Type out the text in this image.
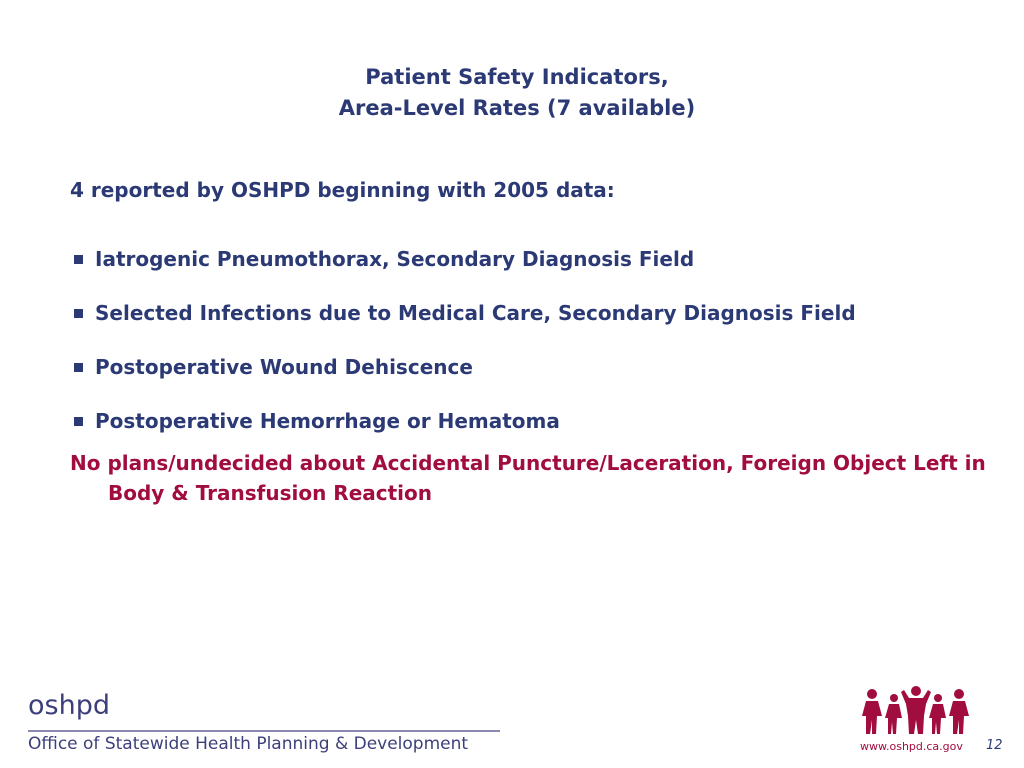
Patient Safety Indicators,
Area-Level Rates (7 available)
4 reported by OSHPD beginning with 2005 data:
Iatrogenic Pneumothorax, Secondary Diagnosis Field
Selected Infections due to Medical Care, Secondary Diagnosis Field
Postoperative Wound Dehiscence
Postoperative Hemorrhage or Hematoma
No plans/undecided about Accidental Puncture/Laceration, Foreign Object Left in Body & Transfusion Reaction
oshpd
Office of Statewide Health Planning & Development	www.oshpd.ca.gov 12
